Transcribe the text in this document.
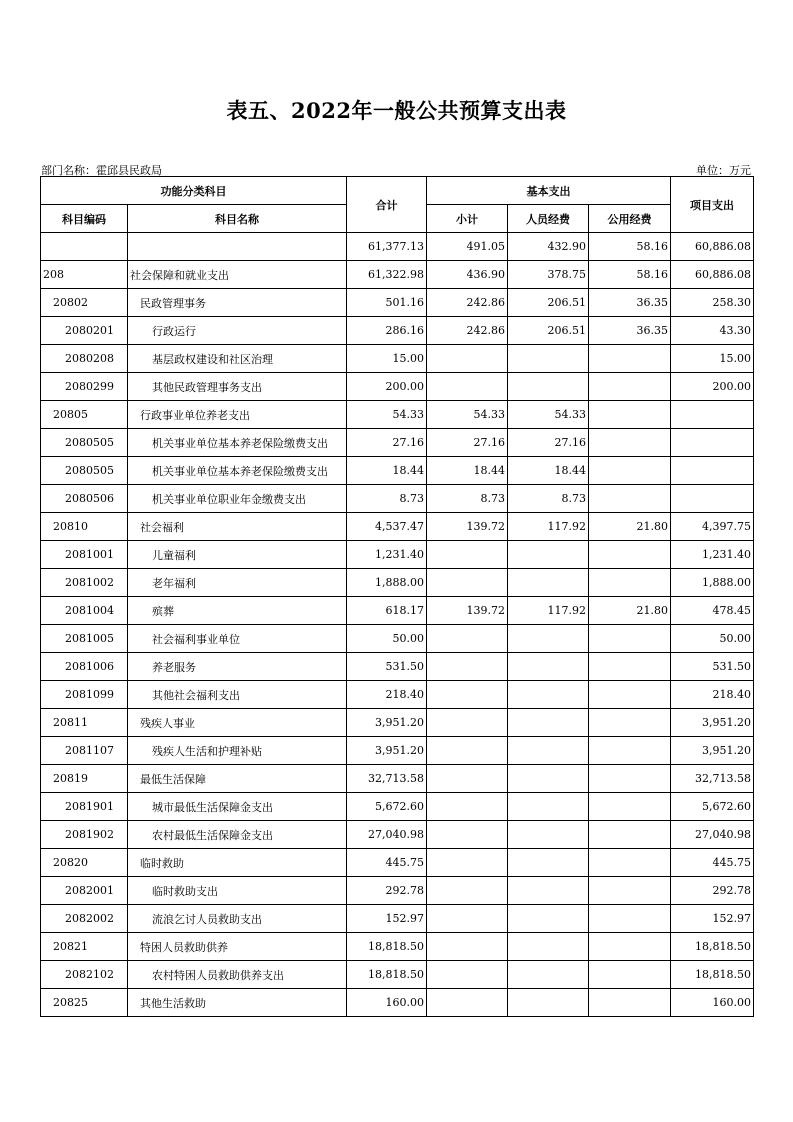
表五、2022年一般公共预算支出表
部门名称：霍邱县民政局	单位：万元
功能分类科目		合计	基本支出			项目支出
科目编码	科目名称		小计	人员经费	公用经费	
		61,377.13	491.05	432.90	58.16	60,886.08
208	社会保障和就业支出	61,322.98	436.90	378.75	58.16	60,886.08
20802	民政管理事务	501.16	242.86	206.51	36.35	258.30
2080201	行政运行	286.16	242.86	206.51	36.35	43.30
2080208	基层政权建设和社区治理	15.00				15.00
2080299	其他民政管理事务支出	200.00				200.00
20805	行政事业单位养老支出	54.33	54.33	54.33		
2080505	机关事业单位基本养老保险缴费支出	27.16	27.16	27.16		
2080505	机关事业单位基本养老保险缴费支出	18.44	18.44	18.44		
2080506	机关事业单位职业年金缴费支出	8.73	8.73	8.73		
20810	社会福利	4,537.47	139.72	117.92	21.80	4,397.75
2081001	儿童福利	1,231.40				1,231.40
2081002	老年福利	1,888.00				1,888.00
2081004	殡葬	618.17	139.72	117.92	21.80	478.45
2081005	社会福利事业单位	50.00				50.00
2081006	养老服务	531.50				531.50
2081099	其他社会福利支出	218.40				218.40
20811	残疾人事业	3,951.20				3,951.20
2081107	残疾人生活和护理补贴	3,951.20				3,951.20
20819	最低生活保障	32,713.58				32,713.58
2081901	城市最低生活保障金支出	5,672.60				5,672.60
2081902	农村最低生活保障金支出	27,040.98				27,040.98
20820	临时救助	445.75				445.75
2082001	临时救助支出	292.78				292.78
2082002	流浪乞讨人员救助支出	152.97				152.97
20821	特困人员救助供养	18,818.50				18,818.50
2082102	农村特困人员救助供养支出	18,818.50				18,818.50
20825	其他生活救助	160.00				160.00
